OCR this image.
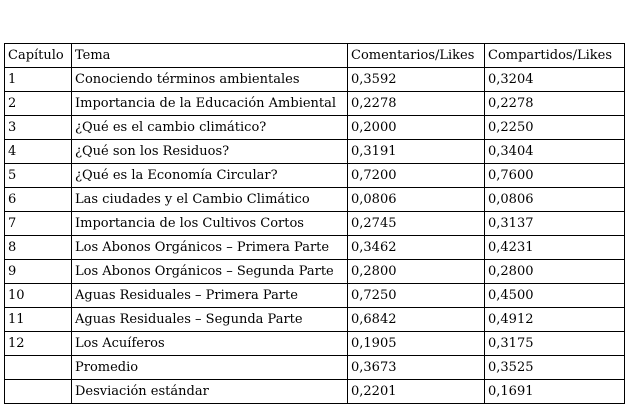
Capítulo	Tema	Comentarios/Likes	Compartidos/Likes
1	Conociendo términos ambientales	0,3592	0,3204
2	Importancia de la Educación Ambiental	0,2278	0,2278
3	¿Qué es el cambio climático?	0,2000	0,2250
4	¿Qué son los Residuos?	0,3191	0,3404
5	¿Qué es la Economía Circular?	0,7200	0,7600
6	Las ciudades y el Cambio Climático	0,0806	0,0806
7	Importancia de los Cultivos Cortos	0,2745	0,3137
8	Los Abonos Orgánicos – Primera Parte	0,3462	0,4231
9	Los Abonos Orgánicos – Segunda Parte	0,2800	0,2800
10	Aguas Residuales – Primera Parte	0,7250	0,4500
11	Aguas Residuales – Segunda Parte	0,6842	0,4912
12	Los Acuíferos	0,1905	0,3175
	Promedio	0,3673	0,3525
	Desviación estándar	0,2201	0,1691
